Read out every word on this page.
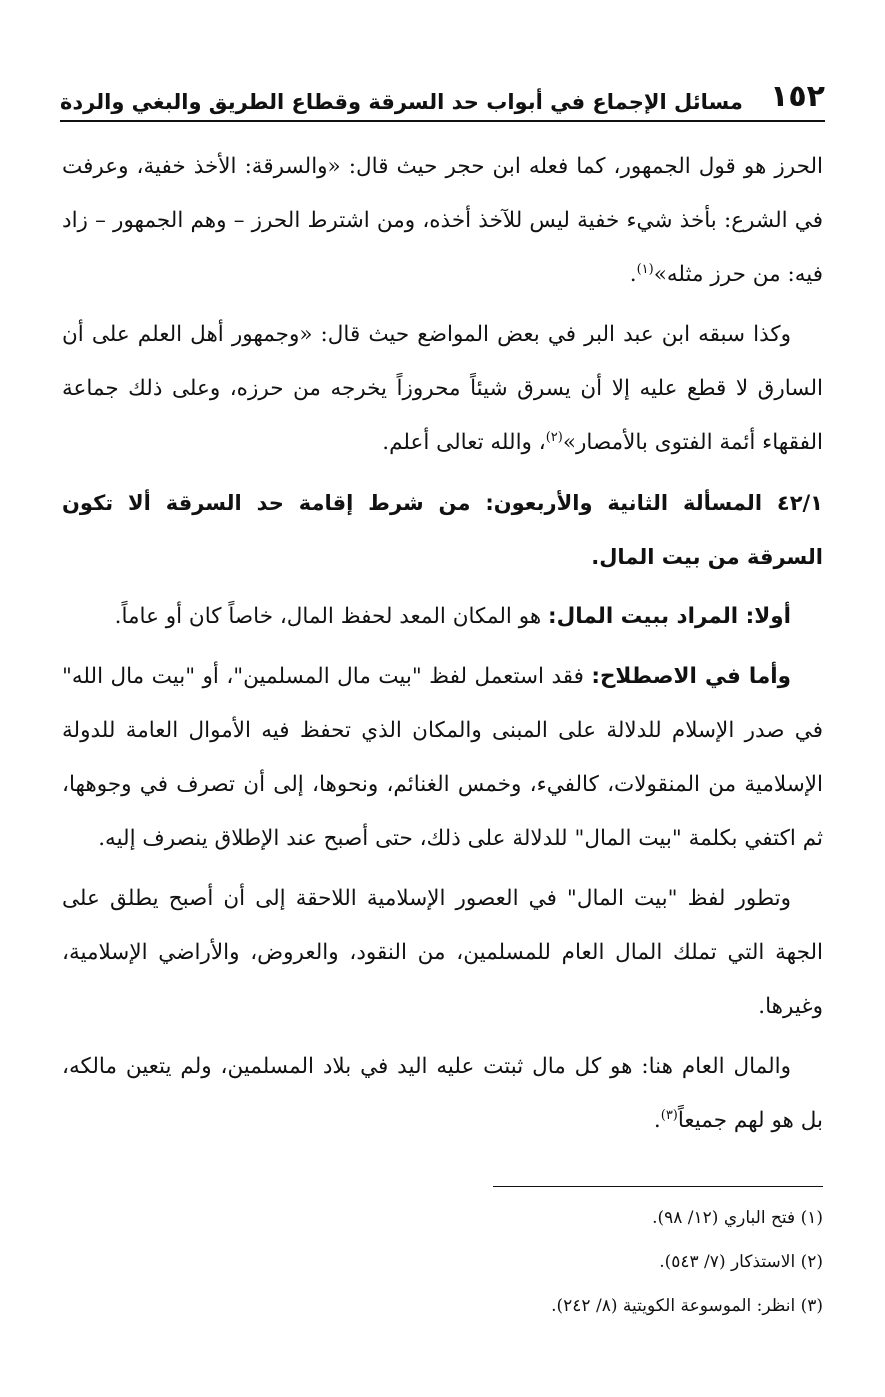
١٥٢
مسائل الإجماع في أبواب حد السرقة وقطاع الطريق والبغي والردة

الحرز هو قول الجمهور، كما فعله ابن حجر حيث قال: «والسرقة: الأخذ خفية، وعرفت في الشرع: بأخذ شيء خفية ليس للآخذ أخذه، ومن اشترط الحرز – وهم الجمهور – زاد فيه: من حرز مثله»$^{(١)}$.

وكذا سبقه ابن عبد البر في بعض المواضع حيث قال: «وجمهور أهل العلم على أن السارق لا قطع عليه إلا أن يسرق شيئاً محروزاً يخرجه من حرزه، وعلى ذلك جماعة الفقهاء أئمة الفتوى بالأمصار»$^{(٢)}$، والله تعالى أعلم.

٤٢/١ المسألة الثانية والأربعون: من شرط إقامة حد السرقة ألا تكون السرقة من بيت المال.

أولا: المراد ببيت المال: هو المكان المعد لحفظ المال، خاصاً كان أو عاماً.

وأما في الاصطلاح: فقد استعمل لفظ "بيت مال المسلمين"، أو "بيت مال الله" في صدر الإسلام للدلالة على المبنى والمكان الذي تحفظ فيه الأموال العامة للدولة الإسلامية من المنقولات، كالفيء، وخمس الغنائم، ونحوها، إلى أن تصرف في وجوهها، ثم اكتفي بكلمة "بيت المال" للدلالة على ذلك، حتى أصبح عند الإطلاق ينصرف إليه.

وتطور لفظ "بيت المال" في العصور الإسلامية اللاحقة إلى أن أصبح يطلق على الجهة التي تملك المال العام للمسلمين، من النقود، والعروض، والأراضي الإسلامية، وغيرها.

والمال العام هنا: هو كل مال ثبتت عليه اليد في بلاد المسلمين، ولم يتعين مالكه، بل هو لهم جميعاً$^{(٣)}$.

(١) فتح الباري (١٢/ ٩٨).

(٢) الاستذكار (٧/ ٥٤٣).

(٣) انظر: الموسوعة الكويتية (٨/ ٢٤٢).
